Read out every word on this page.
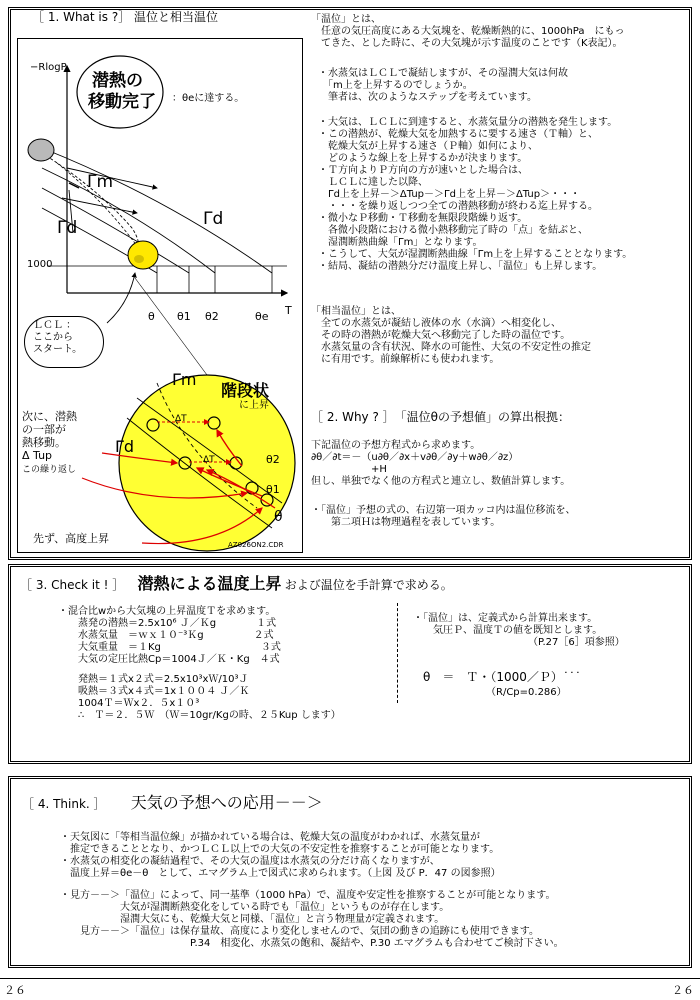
［ 1. What is ?］ 温位と相当温位
−RlogP
潜熱の
移動完了 ：θeに達する。
Γm
Γd
Γd
1000
θ θ1 θ2	θe T
ＬＣＬ ：
ここから
スタート。
Γm
階段状
に上昇
ΔT
ΔT
Γd
θ2
θ1
θ
次に、潜熱
の一部が
熱移動。
Δ Tup
この繰り返し
先ず、高度上昇	AZ026ON2.CDR
「温位」とは、
　任意の気圧高度にある大気塊を、乾燥断熱的に、1000hPa　にもっ
　てきた、とした時に、その大気塊が示す温度のことです（K表記）。
・水蒸気はＬＣＬで凝結しますが、その湿潤大気は何故
　「m上を上昇するのでしょうか。
　筆者は、次のようなステップを考えています。
・大気は、ＬＣＬに到達すると、水蒸気量分の潜熱を発生します。
・この潜熱が、乾燥大気を加熱するに要する速さ（Ｔ軸）と、
　乾燥大気が上昇する速さ（Ｐ軸）如何により、
　どのような線上を上昇するかが決まります。
・Ｔ方向よりＰ方向の方が速いとした場合は、
　ＬＣＬに達した以降、
　Γd上を上昇－＞ΔTup－＞Γd上を上昇－＞ΔTup＞・・・
　・・・を繰り返しつつ全ての潜熱移動が終わる迄上昇する。
・微小なＰ移動・Ｔ移動を無限段階繰り返す。
　各微小段階における微小熱移動完了時の「点」を結ぶと、
　湿潤断熱曲線「Γm」となります。
・こうして、大気が湿潤断熱曲線「Γm上を上昇することとなります。
・結局、凝結の潜熱分だけ温度上昇し、「温位」も上昇します。
「相当温位」とは、
　全ての水蒸気が凝結し液体の水（水滴）へ相変化し、
　その時の潜熱が乾燥大気へ移動完了した時の温位です。
　水蒸気量の含有状況、降水の可能性、大気の不安定性の推定
　に有用です。前線解析にも使われます。
［ 2. Why ? ］　「温位θの予想値」の算出根拠：
下記温位の予想方程式から求めます。
∂θ／∂t＝－（u∂θ／∂x＋v∂θ／∂y＋w∂θ／∂z）
　　　　　　+H
但し、単独でなく他の方程式と連立し、数値計算します。
・「温位」予想の式の、右辺第一項カッコ内は温位移流を、
　　第二項Ｈは物理過程を表しています。
［ 3. Check it ! ］ 潜熱による温度上昇 および温位を手計算で求める。
・混合比wから大気塊の上昇温度Ｔを求めます。
　　蒸発の潜熱＝2.5x10⁶ Ｊ／Ｋg　　　　１式
　　水蒸気量　＝ｗｘ１０⁻³Ｋg　　　　　２式
　　大気重量　＝１Kg　　　　　　　　　　３式
　　大気の定圧比熱Cp＝1004Ｊ／Ｋ・Kg　４式
　　発熱＝１式x２式＝2.5x10³xＷ/10³Ｊ
　　吸熱＝３式x４式＝1x１００４ Ｊ／Ｋ
　　1004Ｔ＝Ｗx２．５x１０³
　　∴　Ｔ＝２．５Ｗ　（Ｗ＝10gr/Kgの時、２５Kup します）
・「温位」は、定義式から計算出来ます。
　　気圧Ｐ、温度Ｔの値を既知とします。
　　　　　　　　　　　　（P.27［6］項参照）
θ　＝　Ｔ・（1000／Ｐ）˙˙˙
（R/Cp=0.286）
［ 4. Think. ］ 天気の予想への応用－－＞
・天気図に「等相当温位線」が描かれている場合は、乾燥大気の温度がわかれば、水蒸気量が
　推定できることとなり、かつＬＣＬ以上での大気の不安定性を推察することが可能となります。
・水蒸気の相変化の凝結過程で、その大気の温度は水蒸気の分だけ高くなりますが、
　温度上昇＝θe－θ　として、エマグラム上で図式に求められます。（上図 及び P．47 の図参照）
・見方－－＞「温位」によって、同一基準（1000 hPa）で、温度や安定性を推察することが可能となります。
　　　　　　大気が湿潤断熱変化をしている時でも「温位」というものが存在します。
　　　　　　湿潤大気にも、乾燥大気と同様、「温位」と言う物理量が定義されます。
　　見方－－＞「温位」は保存量故、高度により変化しませんので、気団の動きの追跡にも使用できます。
　　　　　　　　　　　　　P.34　相変化、水蒸気の飽和、凝結や、P.30 エマグラムも合わせてご検討下さい。
２６	２６
